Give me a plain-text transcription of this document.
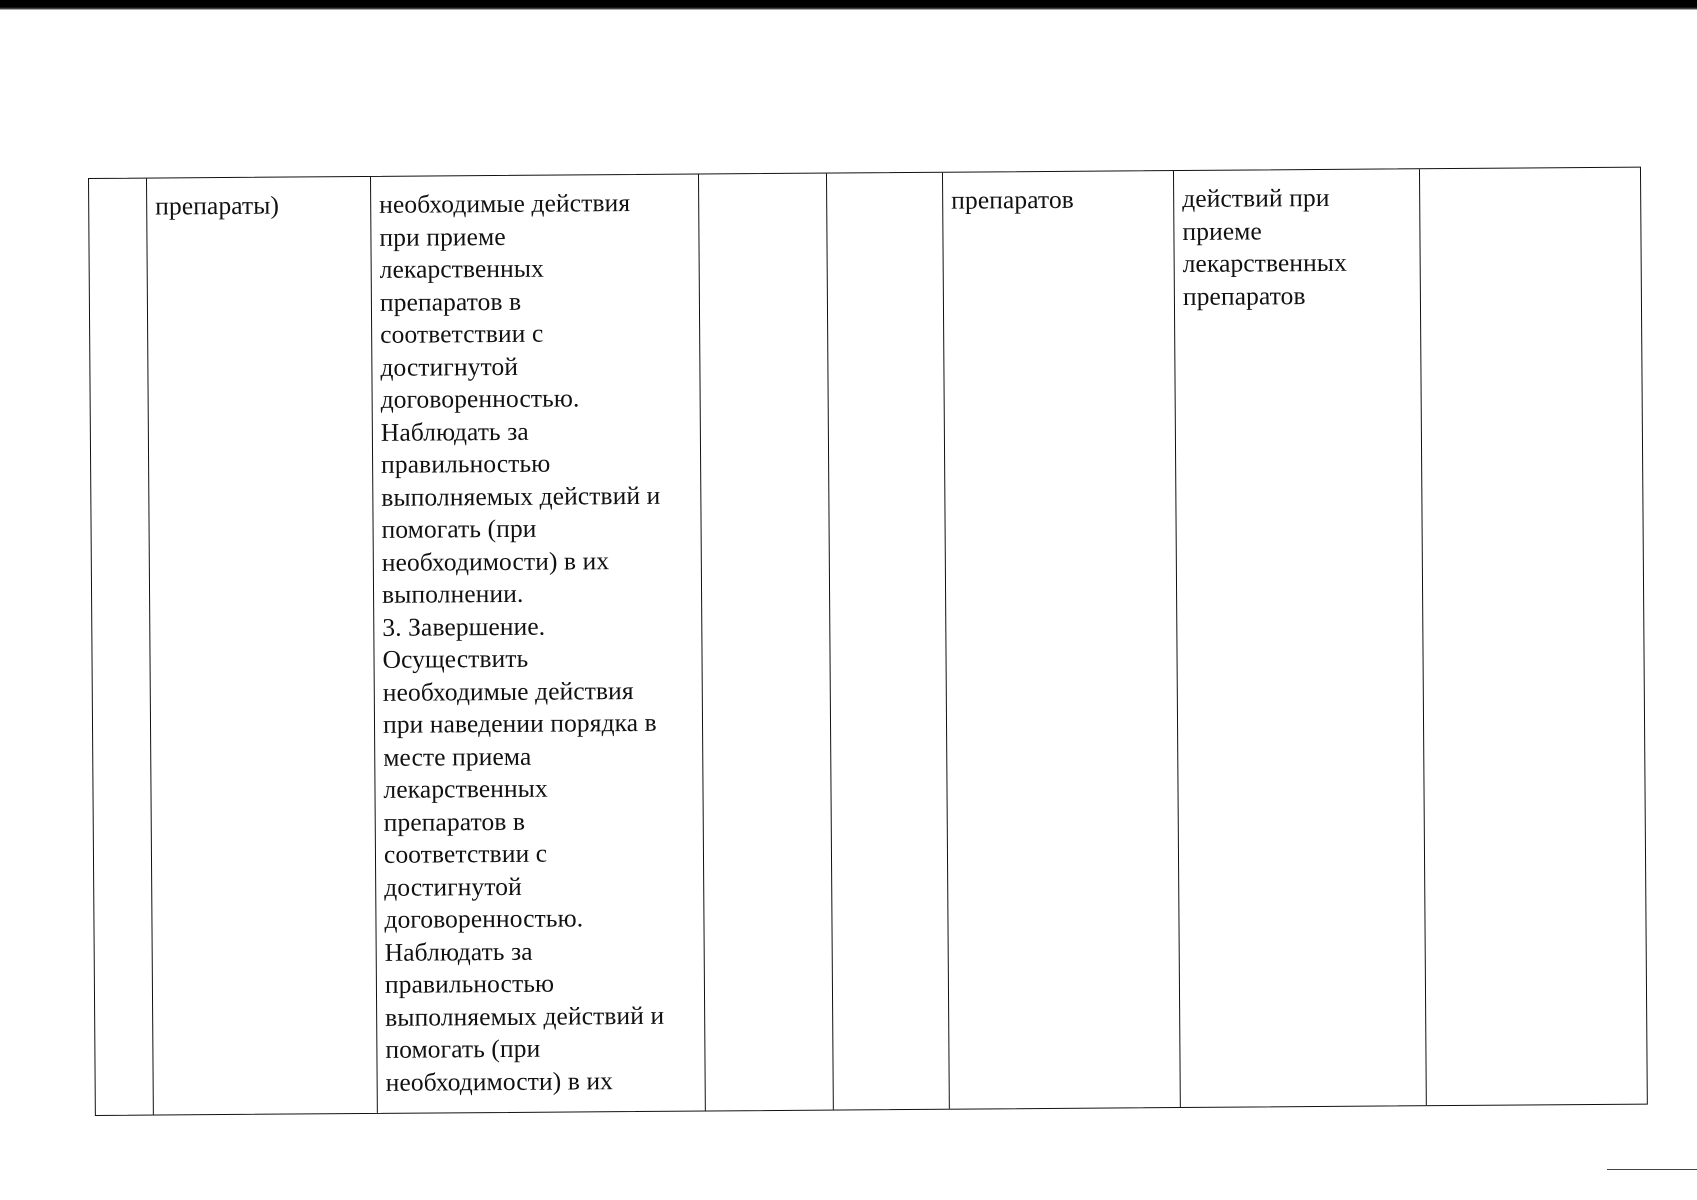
препараты)	необходимые действия
при приеме
лекарственных
препаратов в
соответствии с
достигнутой
договоренностью.
Наблюдать за
правильностью
выполняемых действий и
помогать (при
необходимости) в их
выполнении.
3. Завершение.
Осуществить
необходимые действия
при наведении порядка в
месте приема
лекарственных
препаратов в
соответствии с
достигнутой
договоренностью.
Наблюдать за
правильностью
выполняемых действий и
помогать (при
необходимости) в их
препаратов	действий при
приеме
лекарственных
препаратов
